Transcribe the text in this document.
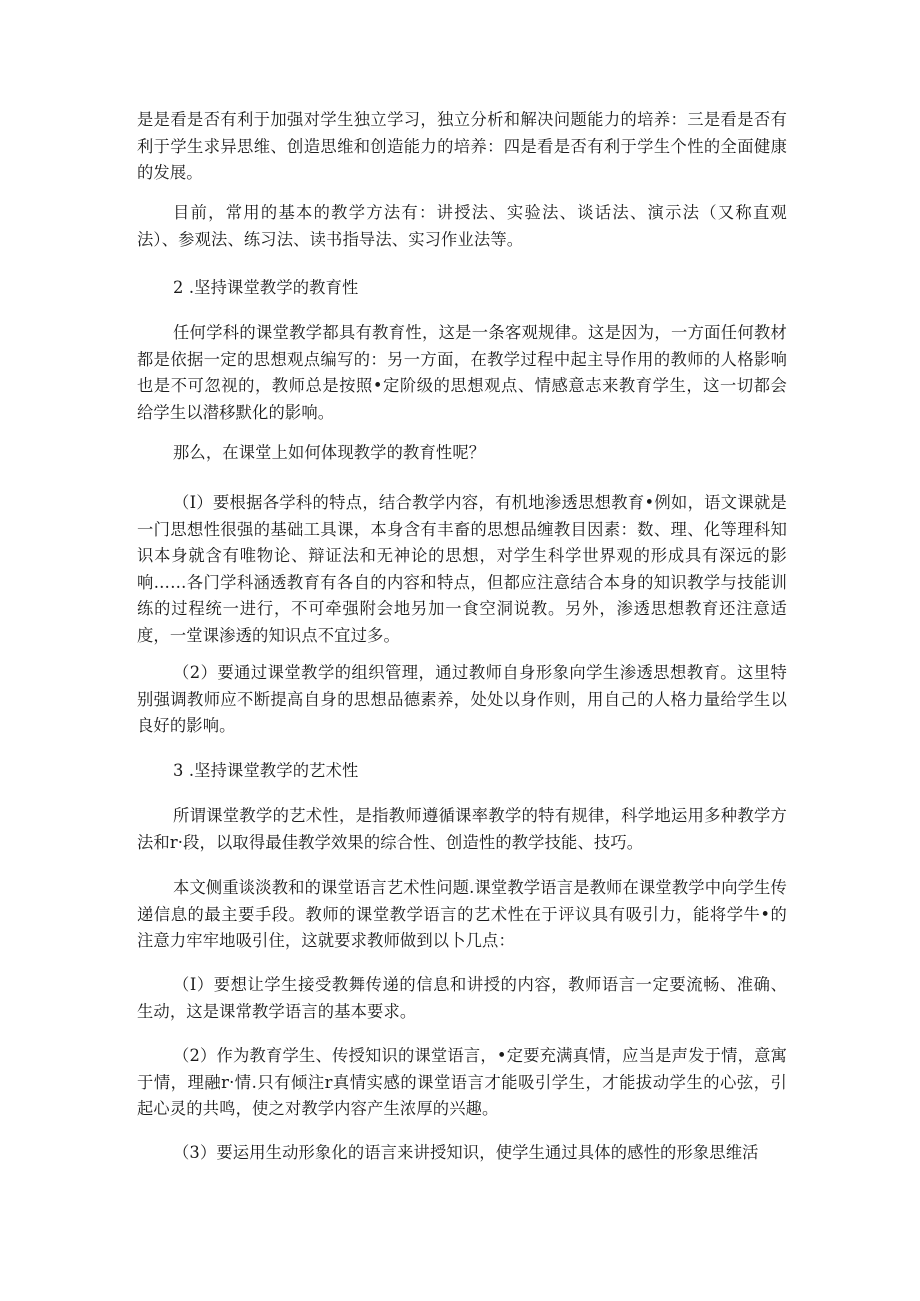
是是看是否有利于加强对学生独立学习，独立分析和解决问题能力的培养：三是看是否有利于学生求异思维、创造思维和创造能力的培养：四是看是否有利于学生个性的全面健康的发展。

目前，常用的基本的教学方法有：讲授法、实验法、谈话法、演示法（又称直观法）、参观法、练习法、读书指导法、实习作业法等。

2 .坚持课堂教学的教育性

任何学科的课堂教学都具有教育性，这是一条客观规律。这是因为，一方面任何教材都是依据一定的思想观点编写的：另一方面，在教学过程中起主导作用的教师的人格影响也是不可忽视的，教师总是按照•定阶级的思想观点、情感意志来教育学生，这一切都会给学生以潜移默化的影响。

那么，在课堂上如何体现教学的教育性呢？

（I）要根据各学科的特点，结合教学内容，有机地渗透思想教育•例如，语文课就是一门思想性很强的基础工具课，本身含有丰畜的思想品缠教目因素：数、理、化等理科知识本身就含有唯物论、辩证法和无神论的思想，对学生科学世界观的形成具有深远的影响……各门学科涵透教育有各自的内容和特点，但都应注意结合本身的知识教学与技能训练的过程统一进行，不可牵强附会地另加一食空洞说教。另外，渗透思想教育还注意适度，一堂课渗透的知识点不宜过多。

（2）要通过课堂教学的组织管理，通过教师自身形象向学生渗透思想教育。这里特别强调教师应不断提高自身的思想品德素养，处处以身作则，用自己的人格力量给学生以良好的影响。

3 .坚持课堂教学的艺术性

所谓课堂教学的艺术性，是指教师遵循课率教学的特有规律，科学地运用多种教学方法和r·段，以取得最佳教学效果的综合性、创造性的教学技能、技巧。

本文侧重谈淡教和的课堂语言艺术性问题.课堂教学语言是教师在课堂教学中向学生传递信息的最主要手段。教师的课堂教学语言的艺术性在于评议具有吸引力，能将学牛•的注意力牢牢地吸引住，这就要求教师做到以卜几点：

（I）要想让学生接受教舞传递的信息和讲授的内容，教师语言一定要流畅、准确、生动，这是课常教学语言的基本要求。

（2）作为教育学生、传授知识的课堂语言，•定要充满真情，应当是声发于情，意寓于情，理融r·情.只有倾注r真情实感的课堂语言才能吸引学生，才能拔动学生的心弦，引起心灵的共鸣，使之对教学内容产生浓厚的兴趣。

（3）要运用生动形象化的语言来讲授知识，使学生通过具体的感性的形象思维活
